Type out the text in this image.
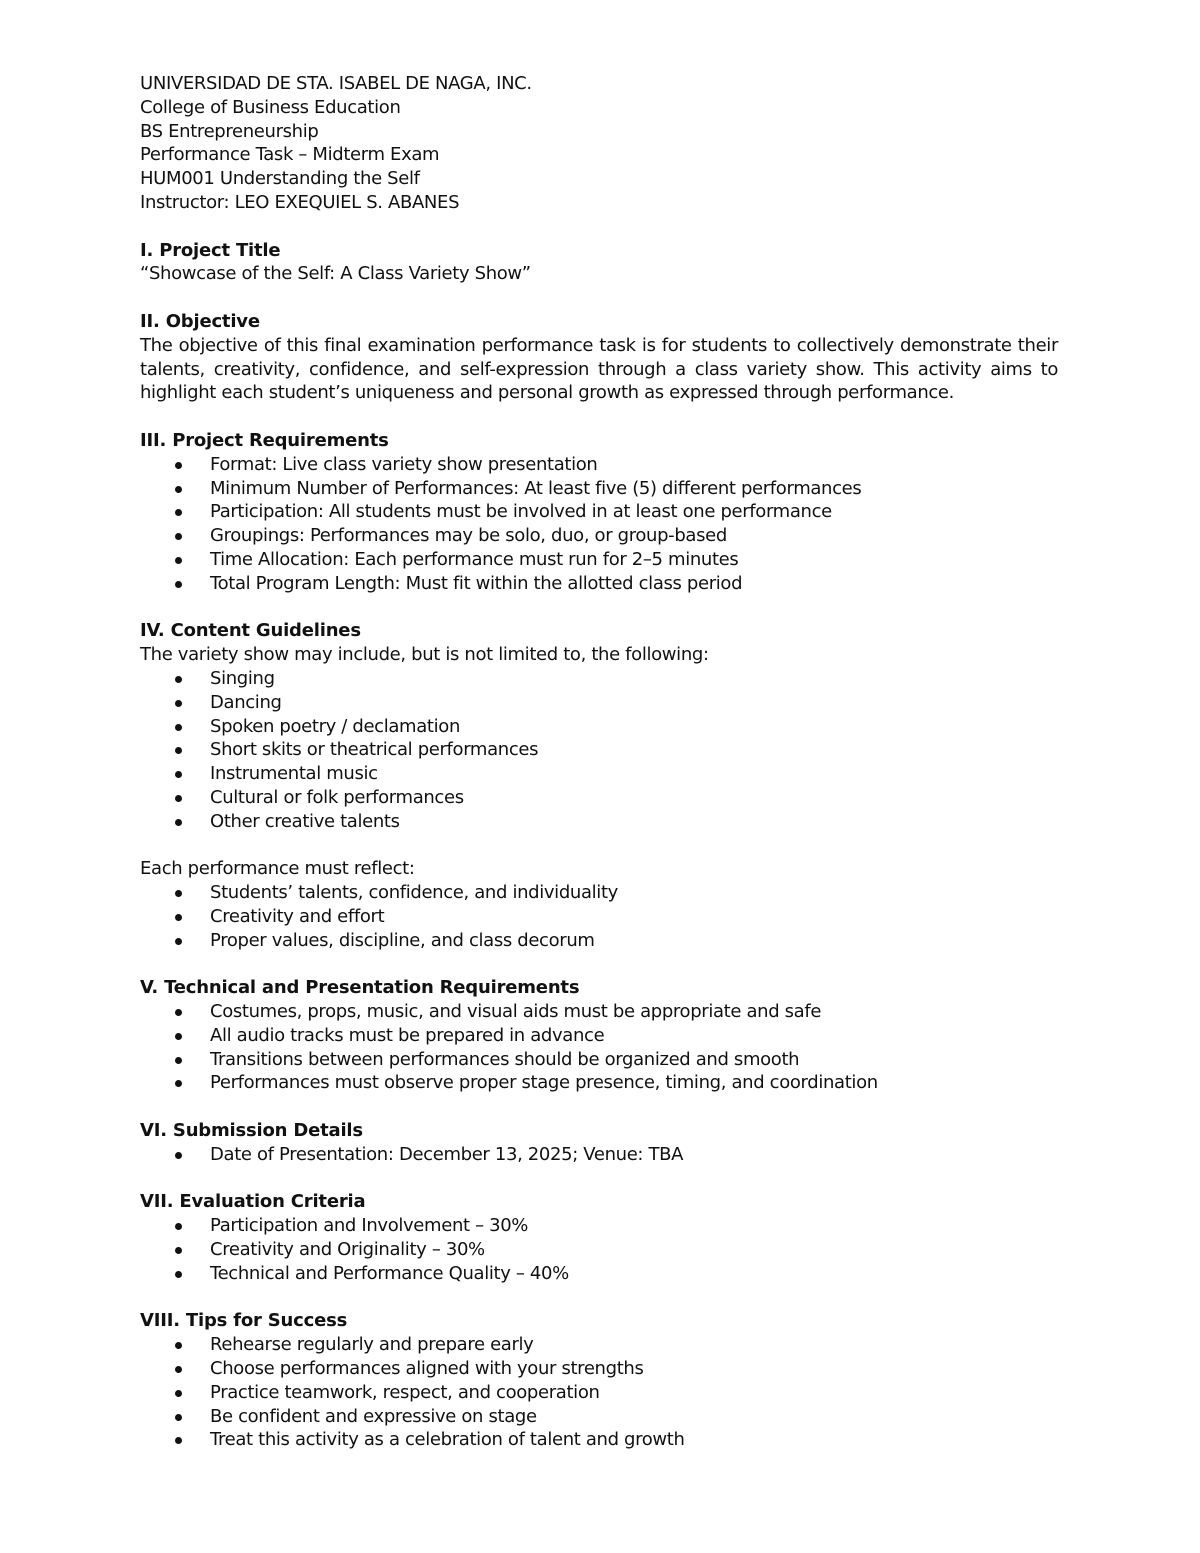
UNIVERSIDAD DE STA. ISABEL DE NAGA, INC.
College of Business Education
BS Entrepreneurship
Performance Task – Midterm Exam
HUM001 Understanding the Self
Instructor: LEO EXEQUIEL S. ABANES
I. Project Title
“Showcase of the Self: A Class Variety Show”
II. Objective
The objective of this final examination performance task is for students to collectively demonstrate their talents, creativity, confidence, and self-expression through a class variety show. This activity aims to highlight each student’s uniqueness and personal growth as expressed through performance.
III. Project Requirements
Format: Live class variety show presentation
Minimum Number of Performances: At least five (5) different performances
Participation: All students must be involved in at least one performance
Groupings: Performances may be solo, duo, or group-based
Time Allocation: Each performance must run for 2–5 minutes
Total Program Length: Must fit within the allotted class period
IV. Content Guidelines
The variety show may include, but is not limited to, the following:
Singing
Dancing
Spoken poetry / declamation
Short skits or theatrical performances
Instrumental music
Cultural or folk performances
Other creative talents
Each performance must reflect:
Students’ talents, confidence, and individuality
Creativity and effort
Proper values, discipline, and class decorum
V. Technical and Presentation Requirements
Costumes, props, music, and visual aids must be appropriate and safe
All audio tracks must be prepared in advance
Transitions between performances should be organized and smooth
Performances must observe proper stage presence, timing, and coordination
VI. Submission Details
Date of Presentation: December 13, 2025; Venue: TBA
VII. Evaluation Criteria
Participation and Involvement – 30%
Creativity and Originality – 30%
Technical and Performance Quality – 40%
VIII. Tips for Success
Rehearse regularly and prepare early
Choose performances aligned with your strengths
Practice teamwork, respect, and cooperation
Be confident and expressive on stage
Treat this activity as a celebration of talent and growth
